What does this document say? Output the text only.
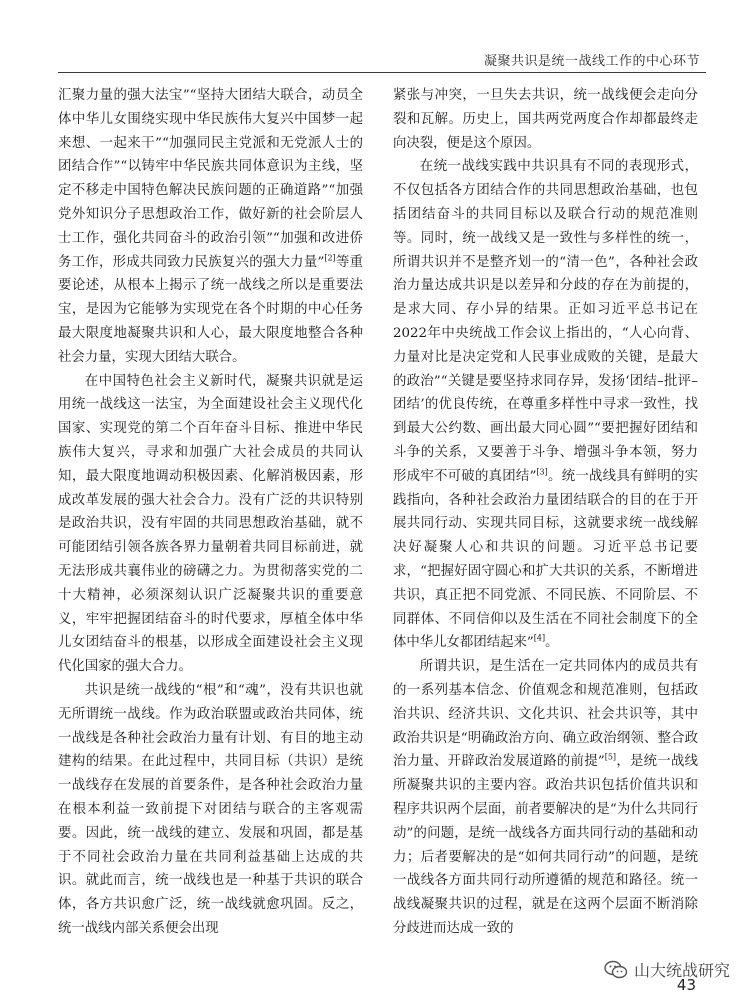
凝聚共识是统一战线工作的中心环节

汇聚力量的强大法宝”“坚持大团结大联合，动员全体中华儿女围绕实现中华民族伟大复兴中国梦一起来想、一起来干”“加强同民主党派和无党派人士的团结合作”“以铸牢中华民族共同体意识为主线，坚定不移走中国特色解决民族问题的正确道路”“加强党外知识分子思想政治工作，做好新的社会阶层人士工作，强化共同奋斗的政治引领”“加强和改进侨务工作，形成共同致力民族复兴的强大力量”[2]等重要论述，从根本上揭示了统一战线之所以是重要法宝，是因为它能够为实现党在各个时期的中心任务最大限度地凝聚共识和人心，最大限度地整合各种社会力量，实现大团结大联合。

在中国特色社会主义新时代，凝聚共识就是运用统一战线这一法宝，为全面建设社会主义现代化国家、实现党的第二个百年奋斗目标、推进中华民族伟大复兴，寻求和加强广大社会成员的共同认知，最大限度地调动积极因素、化解消极因素，形成改革发展的强大社会合力。没有广泛的共识特别是政治共识，没有牢固的共同思想政治基础，就不可能团结引领各族各界力量朝着共同目标前进，就无法形成共襄伟业的磅礴之力。为贯彻落实党的二十大精神，必须深刻认识广泛凝聚共识的重要意义，牢牢把握团结奋斗的时代要求，厚植全体中华儿女团结奋斗的根基，以形成全面建设社会主义现代化国家的强大合力。

共识是统一战线的“根”和“魂”，没有共识也就无所谓统一战线。作为政治联盟或政治共同体，统一战线是各种社会政治力量有计划、有目的地主动建构的结果。在此过程中，共同目标（共识）是统一战线存在发展的首要条件，是各种社会政治力量在根本利益一致前提下对团结与联合的主客观需要。因此，统一战线的建立、发展和巩固，都是基于不同社会政治力量在共同利益基础上达成的共识。就此而言，统一战线也是一种基于共识的联合体，各方共识愈广泛，统一战线就愈巩固。反之，统一战线内部关系便会出现

紧张与冲突，一旦失去共识，统一战线便会走向分裂和瓦解。历史上，国共两党两度合作却都最终走向决裂，便是这个原因。

在统一战线实践中共识具有不同的表现形式，不仅包括各方团结合作的共同思想政治基础，也包括团结奋斗的共同目标以及联合行动的规范准则等。同时，统一战线又是一致性与多样性的统一，所谓共识并不是整齐划一的“清一色”，各种社会政治力量达成共识是以差异和分歧的存在为前提的，是求大同、存小异的结果。正如习近平总书记在2022年中央统战工作会议上指出的，“人心向背、力量对比是决定党和人民事业成败的关键，是最大的政治”“关键是要坚持求同存异，发扬‘团结–批评–团结’的优良传统，在尊重多样性中寻求一致性，找到最大公约数、画出最大同心圆”“要把握好团结和斗争的关系，又要善于斗争、增强斗争本领，努力形成牢不可破的真团结”[3]。统一战线具有鲜明的实践指向，各种社会政治力量团结联合的目的在于开展共同行动、实现共同目标，这就要求统一战线解决好凝聚人心和共识的问题。习近平总书记要求，“把握好固守圆心和扩大共识的关系，不断增进共识，真正把不同党派、不同民族、不同阶层、不同群体、不同信仰以及生活在不同社会制度下的全体中华儿女都团结起来”[4]。

所谓共识，是生活在一定共同体内的成员共有的一系列基本信念、价值观念和规范准则，包括政治共识、经济共识、文化共识、社会共识等，其中政治共识是“明确政治方向、确立政治纲领、整合政治力量、开辟政治发展道路的前提”[5]，是统一战线所凝聚共识的主要内容。政治共识包括价值共识和程序共识两个层面，前者要解决的是“为什么共同行动”的问题，是统一战线各方面共同行动的基础和动力；后者要解决的是“如何共同行动”的问题，是统一战线各方面共同行动所遵循的规范和路径。统一战线凝聚共识的过程，就是在这两个层面不断消除分歧进而达成一致的

山大统战研究
43
